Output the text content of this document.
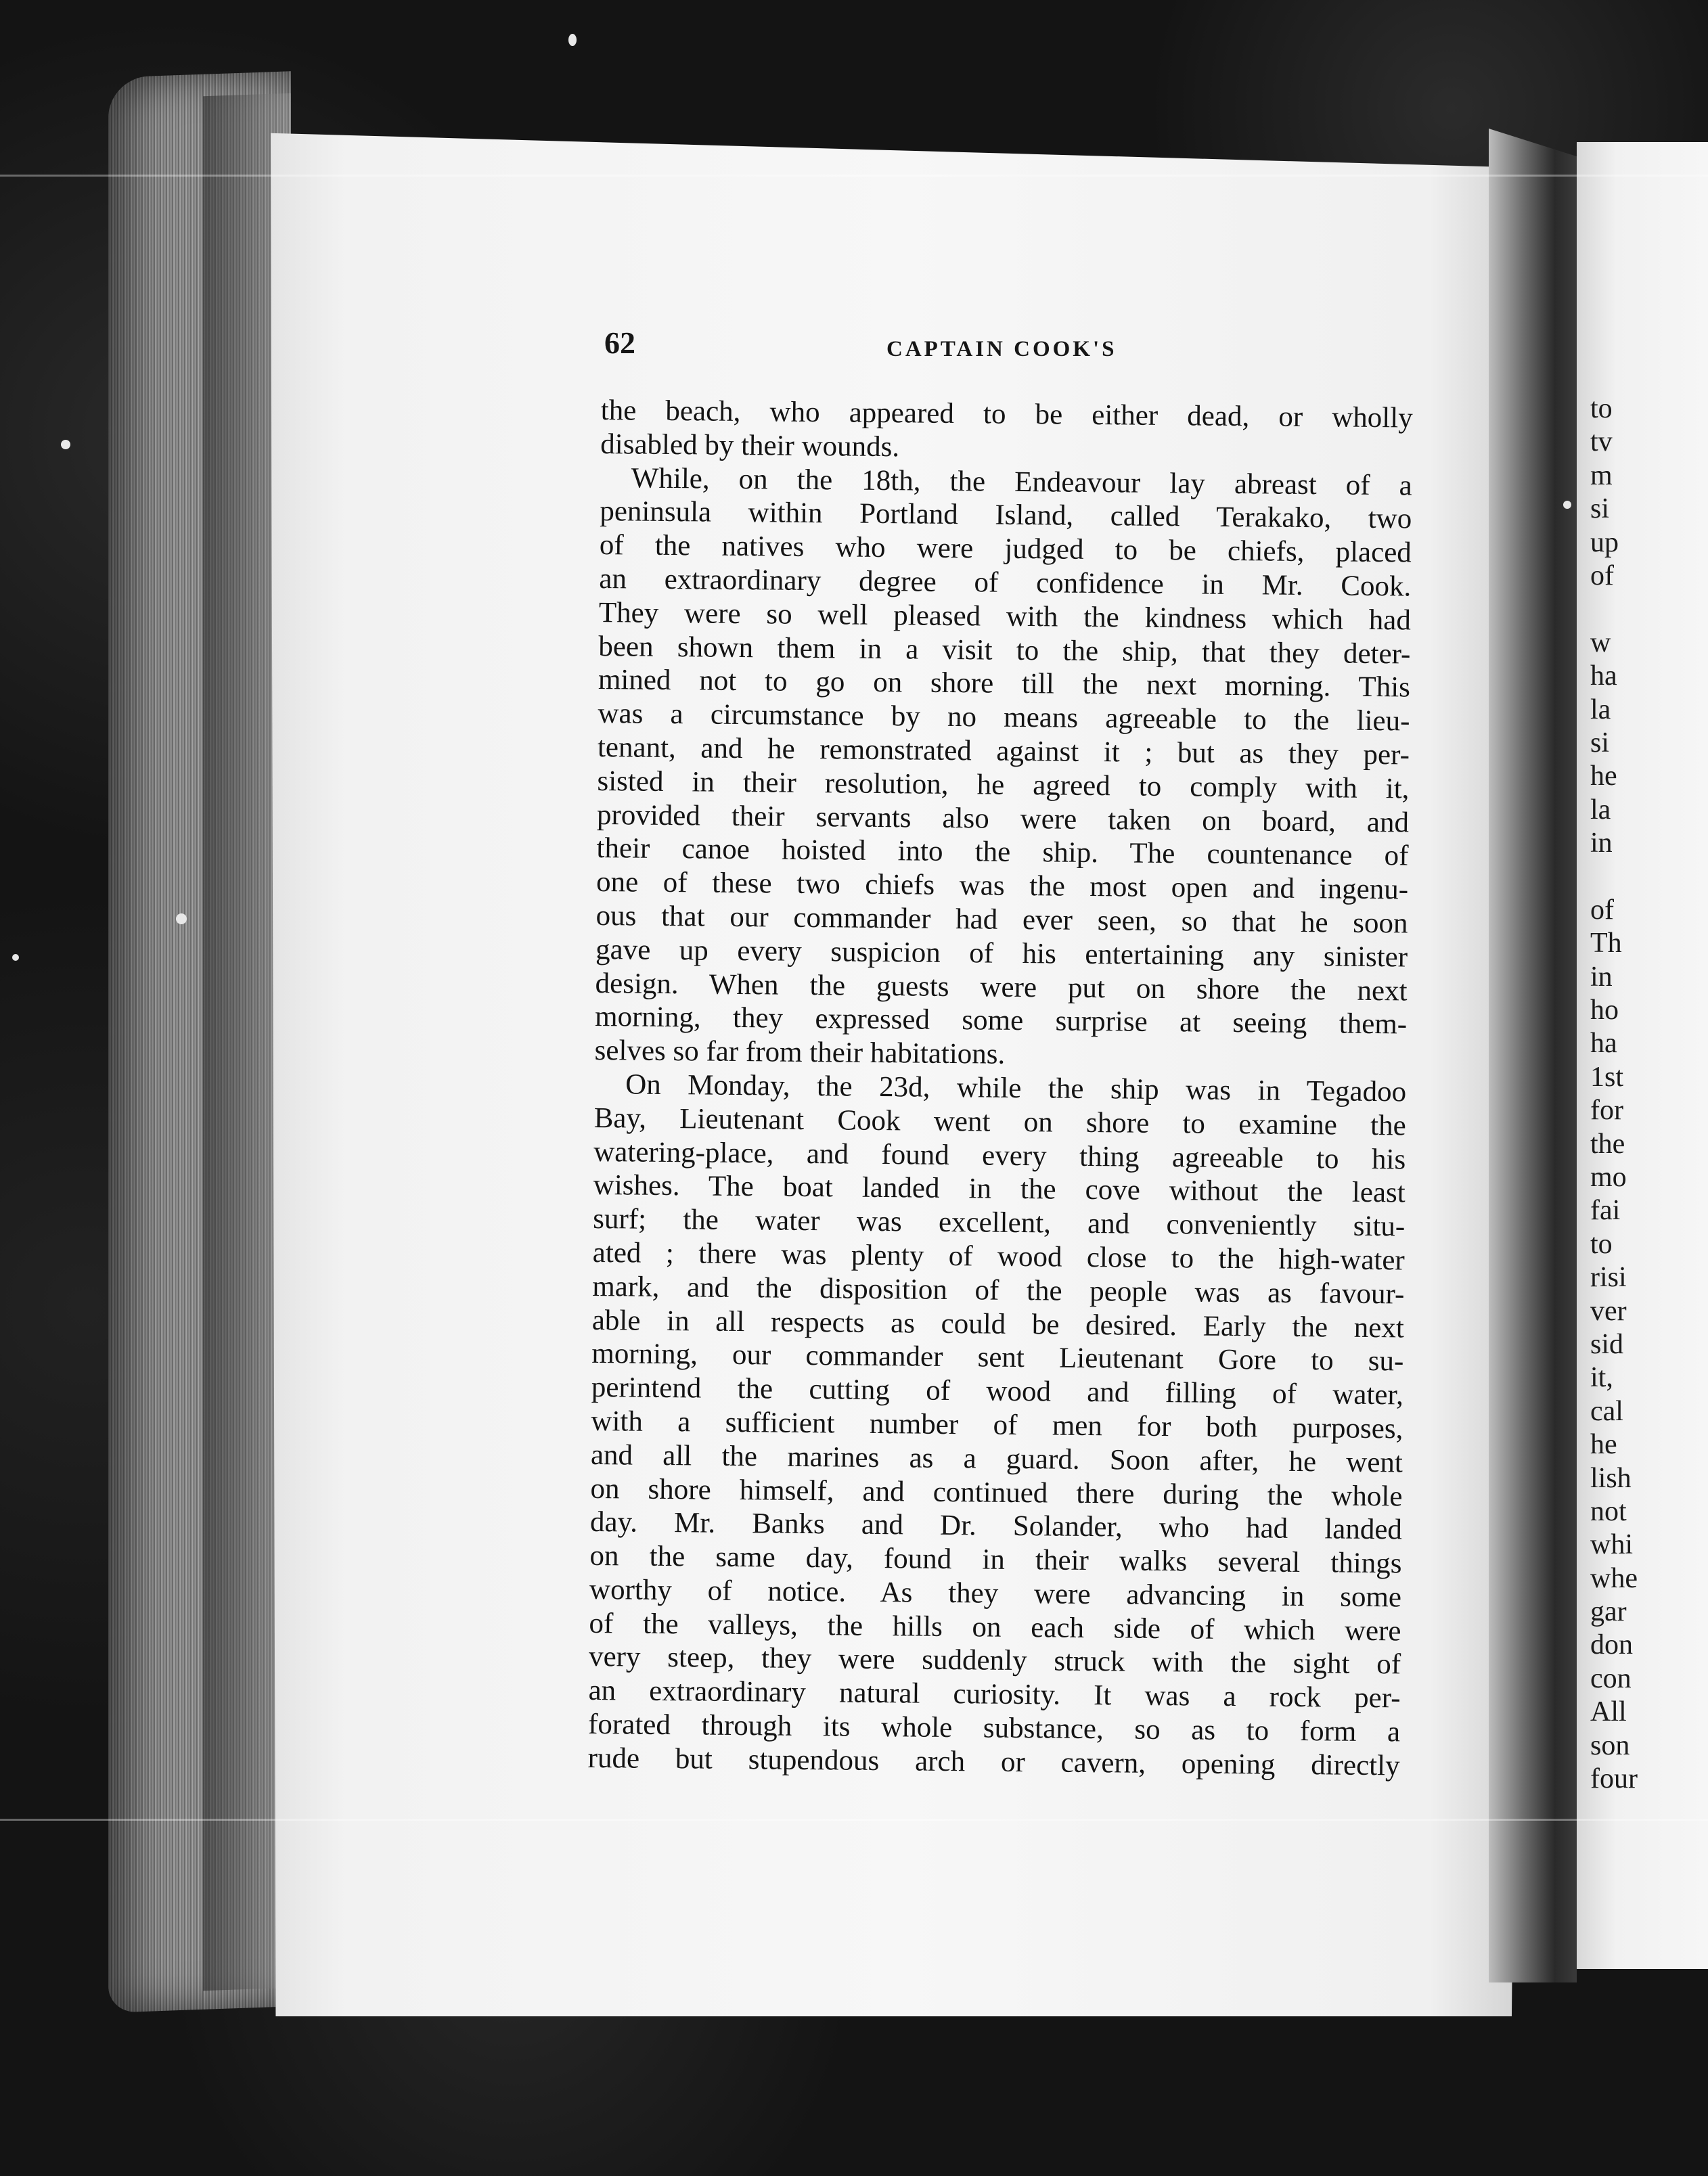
to
tv
m
si
up
of
w
ha
la
si
he
la
in
of
Th
in
ho
ha
1st
for
the
mo
fai
to
risi
ver
sid
it,
cal
he
lish
not
whi
whe
gar
don
con
All
son
four
62	CAPTAIN COOK'S
the beach, who appeared to be either dead, or wholly
disabled by their wounds.
While, on the 18th, the Endeavour lay abreast of a
peninsula within Portland Island, called Terakako, two
of the natives who were judged to be chiefs, placed
an extraordinary degree of confidence in Mr. Cook.
They were so well pleased with the kindness which had
been shown them in a visit to the ship, that they deter-
mined not to go on shore till the next morning. This
was a circumstance by no means agreeable to the lieu-
tenant, and he remonstrated against it ; but as they per-
sisted in their resolution, he agreed to comply with it,
provided their servants also were taken on board, and
their canoe hoisted into the ship. The countenance of
one of these two chiefs was the most open and ingenu-
ous that our commander had ever seen, so that he soon
gave up every suspicion of his entertaining any sinister
design. When the guests were put on shore the next
morning, they expressed some surprise at seeing them-
selves so far from their habitations.
On Monday, the 23d, while the ship was in Tegadoo
Bay, Lieutenant Cook went on shore to examine the
watering-place, and found every thing agreeable to his
wishes. The boat landed in the cove without the least
surf; the water was excellent, and conveniently situ-
ated ; there was plenty of wood close to the high-water
mark, and the disposition of the people was as favour-
able in all respects as could be desired. Early the next
morning, our commander sent Lieutenant Gore to su-
perintend the cutting of wood and filling of water,
with a sufficient number of men for both purposes,
and all the marines as a guard. Soon after, he went
on shore himself, and continued there during the whole
day. Mr. Banks and Dr. Solander, who had landed
on the same day, found in their walks several things
worthy of notice. As they were advancing in some
of the valleys, the hills on each side of which were
very steep, they were suddenly struck with the sight of
an extraordinary natural curiosity. It was a rock per-
forated through its whole substance, so as to form a
rude but stupendous arch or cavern, opening directly
